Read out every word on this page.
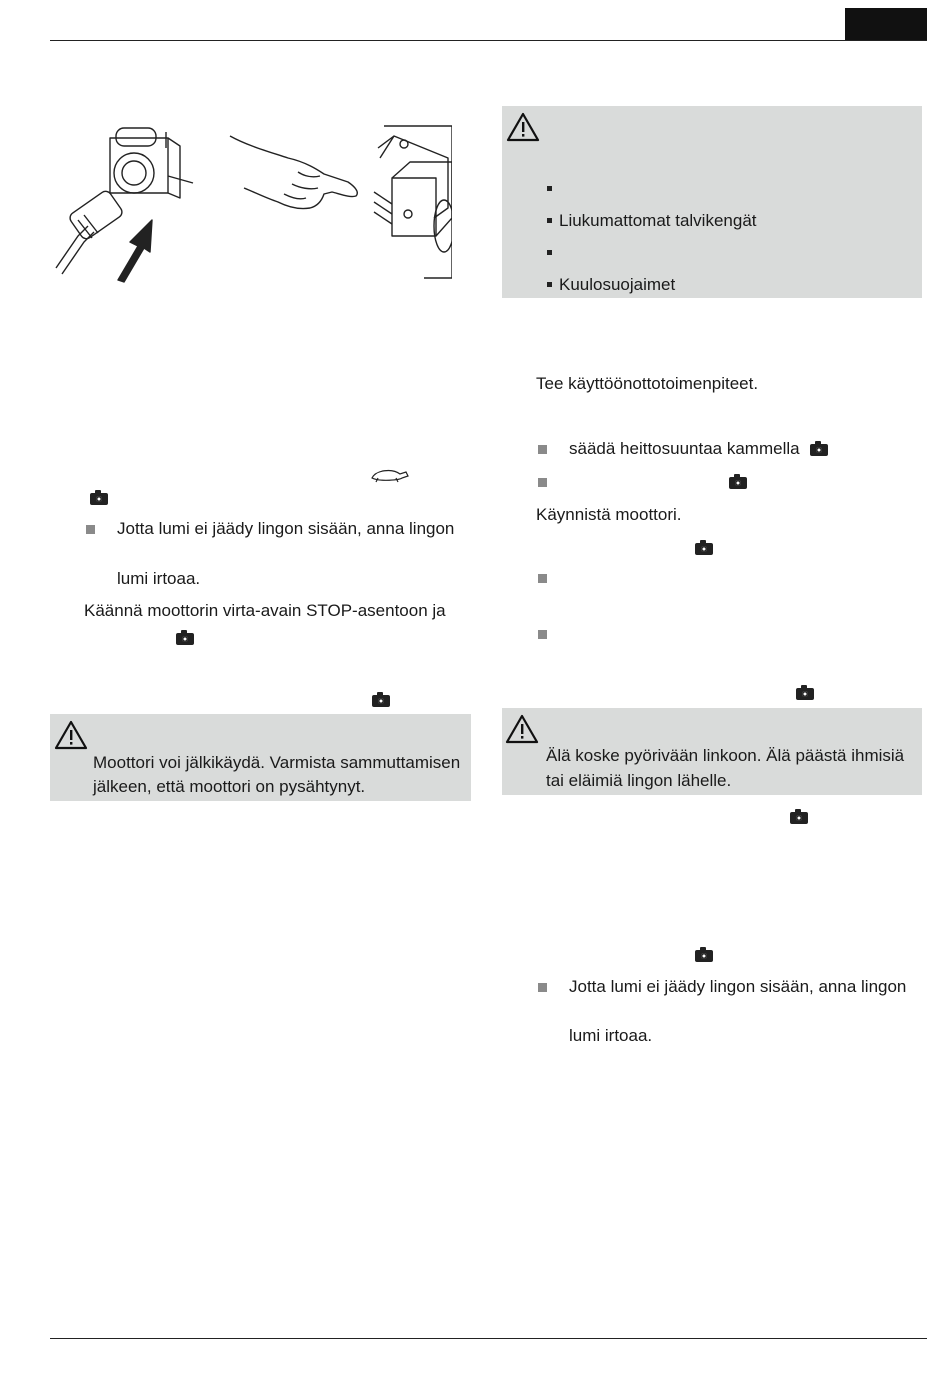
Jotta lumi ei jäädy lingon sisään, anna lingon
lumi irtoaa.
Käännä moottorin virta-avain STOP-asentoon ja
Moottori voi jälkikäydä. Varmista sammuttamisen
jälkeen, että moottori on pysähtynyt.
Liukumattomat talvikengät
Kuulosuojaimet
Tee käyttöönottotoimenpiteet.
säädä heittosuuntaa kammella
Käynnistä moottori.
Älä koske pyörivään linkoon. Älä päästä ihmisiä
tai eläimiä lingon lähelle.
Jotta lumi ei jäädy lingon sisään, anna lingon
lumi irtoaa.
